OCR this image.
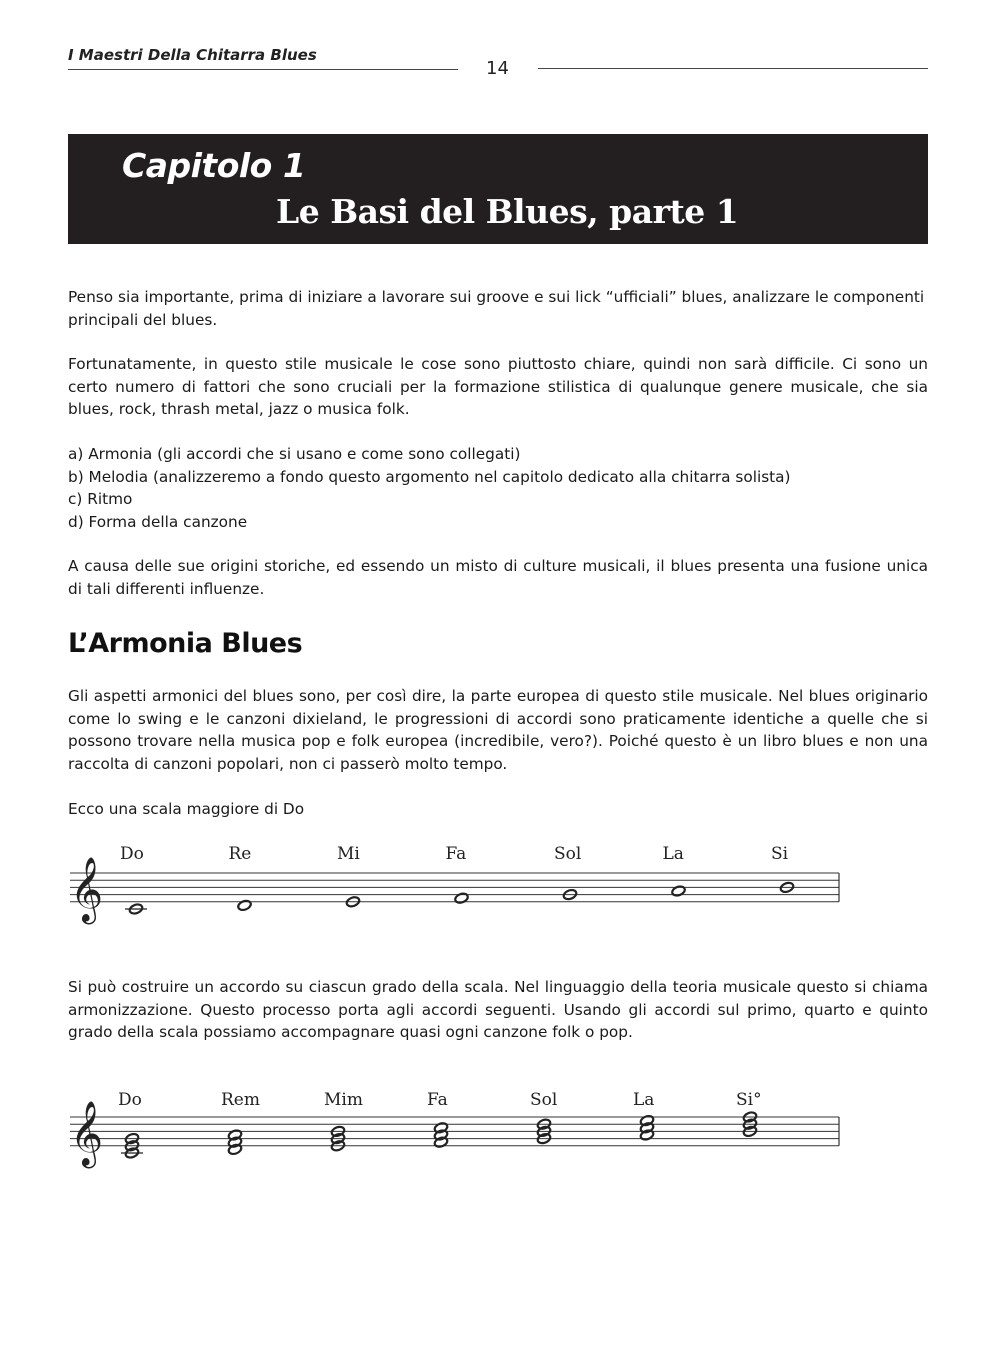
I Maestri Della Chitarra Blues
14
Capitolo 1
Le Basi del Blues, parte 1
Penso sia importante, prima di iniziare a lavorare sui groove e sui lick “ufficiali” blues, analizzare le componenti principali del blues.
Fortunatamente, in questo stile musicale le cose sono piuttosto chiare, quindi non sarà difficile. Ci sono un certo numero di fattori che sono cruciali per la formazione stilistica di qualunque genere musicale, che sia blues, rock, thrash metal, jazz o musica folk.
a) Armonia (gli accordi che si usano e come sono collegati)
b) Melodia (analizzeremo a fondo questo argomento nel capitolo dedicato alla chitarra solista)
c) Ritmo
d) Forma della canzone
A causa delle sue origini storiche, ed essendo un misto di culture musicali, il blues presenta una fusione unica di tali differenti influenze.
L’Armonia Blues
Gli aspetti armonici del blues sono, per così dire, la parte europea di questo stile musicale. Nel blues originario come lo swing e le canzoni dixieland, le progressioni di accordi sono praticamente identiche a quelle che si possono trovare nella musica pop e folk europea (incredibile, vero?). Poiché questo è un libro blues e non una raccolta di canzoni popolari, non ci passerò molto tempo.
Ecco una scala maggiore di Do
𝄞
Do	Re	Mi	Fa	Sol	La	Si
Si può costruire un accordo su ciascun grado della scala. Nel linguaggio della teoria musicale questo si chiama armonizzazione. Questo processo porta agli accordi seguenti. Usando gli accordi sul primo, quarto e quinto grado della scala possiamo accompagnare quasi ogni canzone folk o pop.
𝄞
Do	Rem	Mim	Fa	Sol	La	Si°
